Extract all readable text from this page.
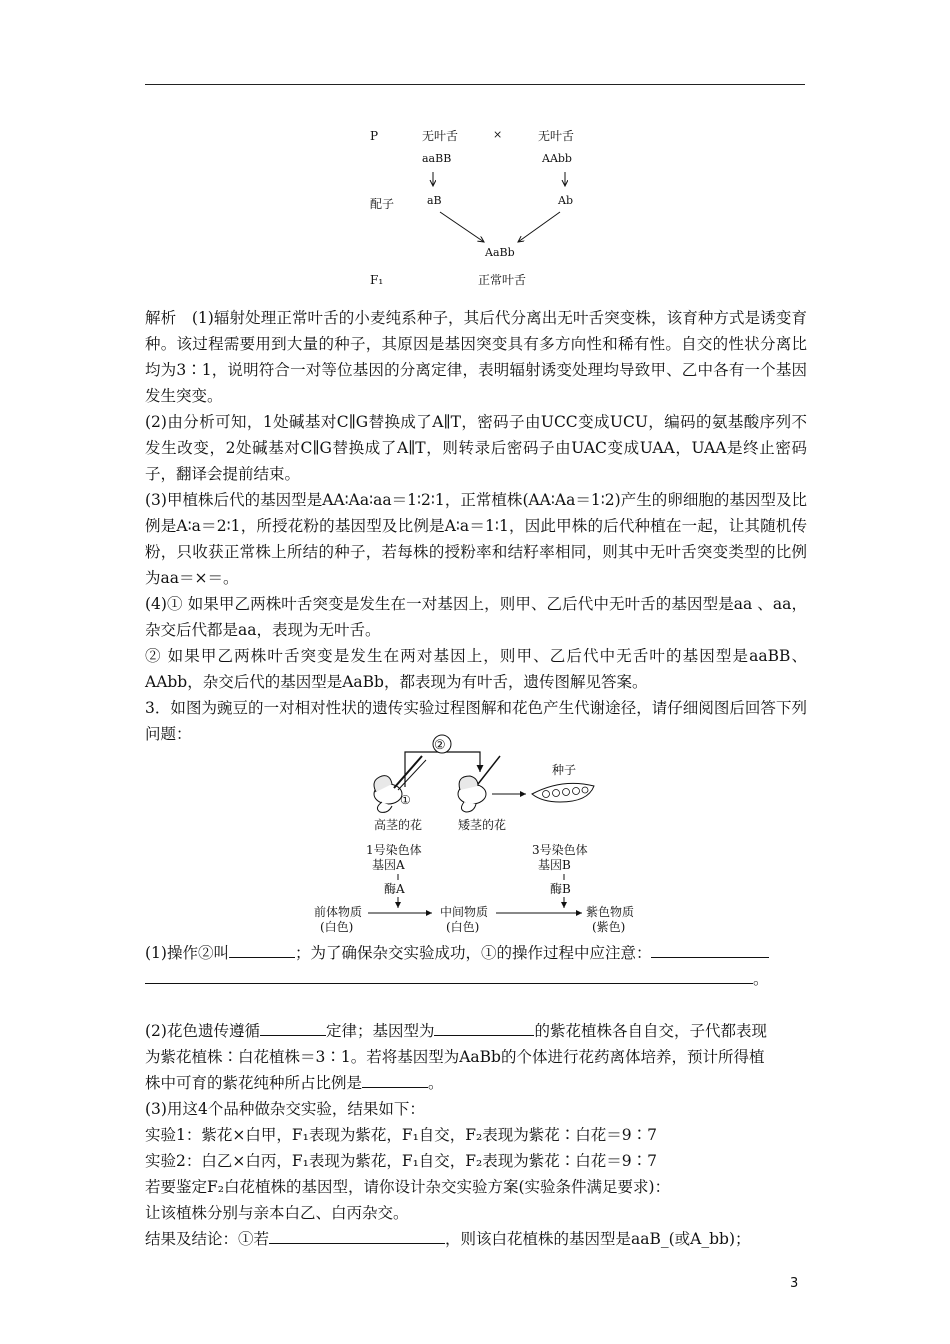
P	无叶舌	×	无叶舌
aaBB	AAbb
配子	aB	Ab
AaBb
F₁	正常叶舌
解析　(1)辐射处理正常叶舌的小麦纯系种子，其后代分离出无叶舌突变株，该育种方式是诱变育种。该过程需要用到大量的种子，其原因是基因突变具有多方向性和稀有性。自交的性状分离比均为3∶1，说明符合一对等位基因的分离定律，表明辐射诱变处理均导致甲、乙中各有一个基因发生突变。
(2)由分析可知，1处碱基对C∥G替换成了A∥T，密码子由UCC变成UCU，编码的氨基酸序列不发生改变，2处碱基对C∥G替换成了A∥T，则转录后密码子由UAC变成UAA，UAA是终止密码子，翻译会提前结束。
(3)甲植株后代的基因型是AA∶Aa∶aa＝1∶2∶1，正常植株(AA∶Aa＝1∶2)产生的卵细胞的基因型及比例是A∶a＝2∶1，所授花粉的基因型及比例是A∶a＝1∶1，因此甲株的后代种植在一起，让其随机传粉，只收获正常株上所结的种子，若每株的授粉率和结籽率相同，则其中无叶舌突变类型的比例为aa＝×＝。
(4)① 如果甲乙两株叶舌突变是发生在一对基因上，则甲、乙后代中无叶舌的基因型是aa 、aa，杂交后代都是aa，表现为无叶舌。
② 如果甲乙两株叶舌突变是发生在两对基因上，则甲、乙后代中无舌叶的基因型是aaBB、AAbb，杂交后代的基因型是AaBb，都表现为有叶舌，遗传图解见答案。
3．如图为豌豆的一对相对性状的遗传实验过程图解和花色产生代谢途径，请仔细阅图后回答下列问题：
②
①
种子
高茎的花	矮茎的花
1号染色体
基因A
酶A
3号染色体
基因B
酶B
前体物质
(白色)
中间物质
(白色)
紫色物质
(紫色)
(1)操作②叫	；为了确保杂交实验成功，①的操作过程中应注意：
。
(2)花色遗传遵循	定律；基因型为	的紫花植株各自自交，子代都表现
为紫花植株∶白花植株＝3∶1。若将基因型为AaBb的个体进行花药离体培养，预计所得植
株中可育的紫花纯种所占比例是	。
(3)用这4个品种做杂交实验，结果如下：
实验1：紫花×白甲，F₁表现为紫花，F₁自交，F₂表现为紫花∶白花＝9∶7
实验2：白乙×白丙，F₁表现为紫花，F₁自交，F₂表现为紫花∶白花＝9∶7
若要鉴定F₂白花植株的基因型，请你设计杂交实验方案(实验条件满足要求)：
让该植株分别与亲本白乙、白丙杂交。
结果及结论：①若	，则该白花植株的基因型是aaB_(或A_bb)；
3
